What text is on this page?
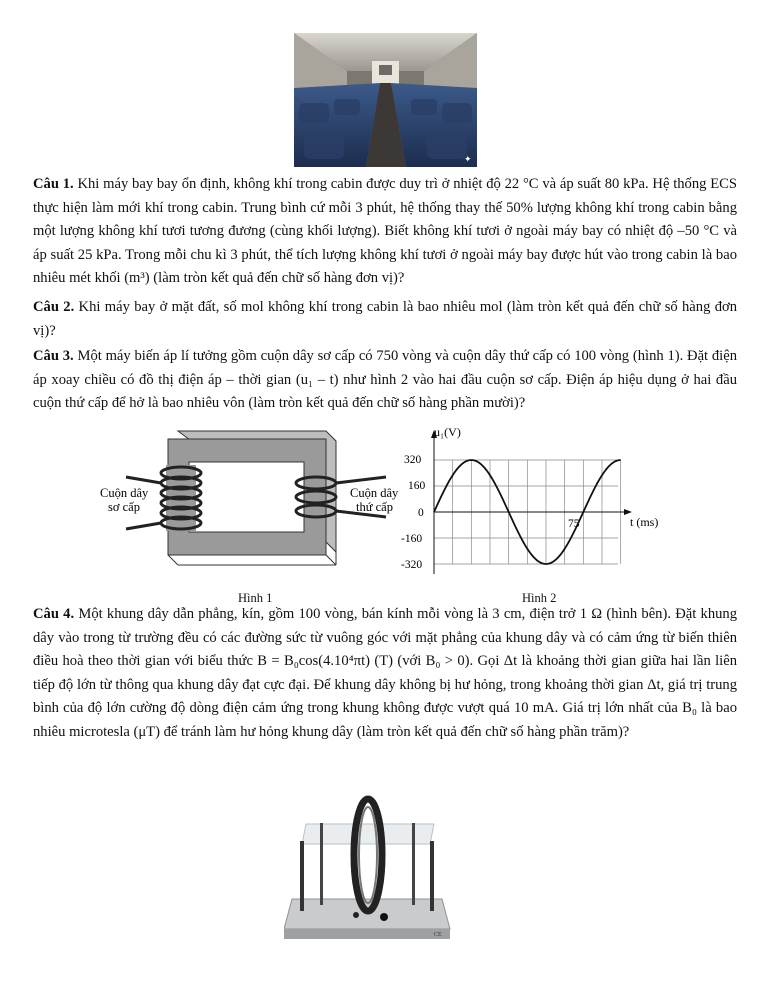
✦

Câu 1. Khi máy bay bay ổn định, không khí trong cabin được duy trì ở nhiệt độ 22 °C và áp suất 80 kPa. Hệ thống ECS thực hiện làm mới khí trong cabin. Trung bình cứ mỗi 3 phút, hệ thống thay thế 50% lượng không khí trong cabin bằng một lượng không khí tươi tương đương (cùng khối lượng). Biết không khí tươi ở ngoài máy bay có nhiệt độ –50 °C và áp suất 25 kPa. Trong mỗi chu kì 3 phút, thể tích lượng không khí tươi ở ngoài máy bay được hút vào trong cabin là bao nhiêu mét khối (m³) (làm tròn kết quả đến chữ số hàng đơn vị)?

Câu 2. Khi máy bay ở mặt đất, số mol không khí trong cabin là bao nhiêu mol (làm tròn kết quả đến chữ số hàng đơn vị)?

Câu 3. Một máy biến áp lí tưởng gồm cuộn dây sơ cấp có 750 vòng và cuộn dây thứ cấp có 100 vòng (hình 1). Đặt điện áp xoay chiều có đồ thị điện áp – thời gian (u₁ – t) như hình 2 vào hai đầu cuộn sơ cấp. Điện áp hiệu dụng ở hai đầu cuộn thứ cấp để hở là bao nhiêu vôn (làm tròn kết quả đến chữ số hàng phần mười)?

Cuộn dây
sơ cấp
Cuộn dây
thứ cấp
u₁(V)
t (ms)
320
160
0
-160
-320
75
Hình 1	Hình 2

Câu 4. Một khung dây dẫn phẳng, kín, gồm 100 vòng, bán kính mỗi vòng là 3 cm, điện trở 1 Ω (hình bên). Đặt khung dây vào trong từ trường đều có các đường sức từ vuông góc với mặt phẳng của khung dây và có cảm ứng từ biến thiên điều hoà theo thời gian với biểu thức B = B₀cos(4.10⁴πt) (T) (với B₀ > 0). Gọi Δt là khoảng thời gian giữa hai lần liên tiếp độ lớn từ thông qua khung dây đạt cực đại. Để khung dây không bị hư hỏng, trong khoảng thời gian Δt, giá trị trung bình của độ lớn cường độ dòng điện cảm ứng trong khung không được vượt quá 10 mA. Giá trị lớn nhất của B₀ là bao nhiêu microtesla (μT) để tránh làm hư hỏng khung dây (làm tròn kết quả đến chữ số hàng phần trăm)?

CE
